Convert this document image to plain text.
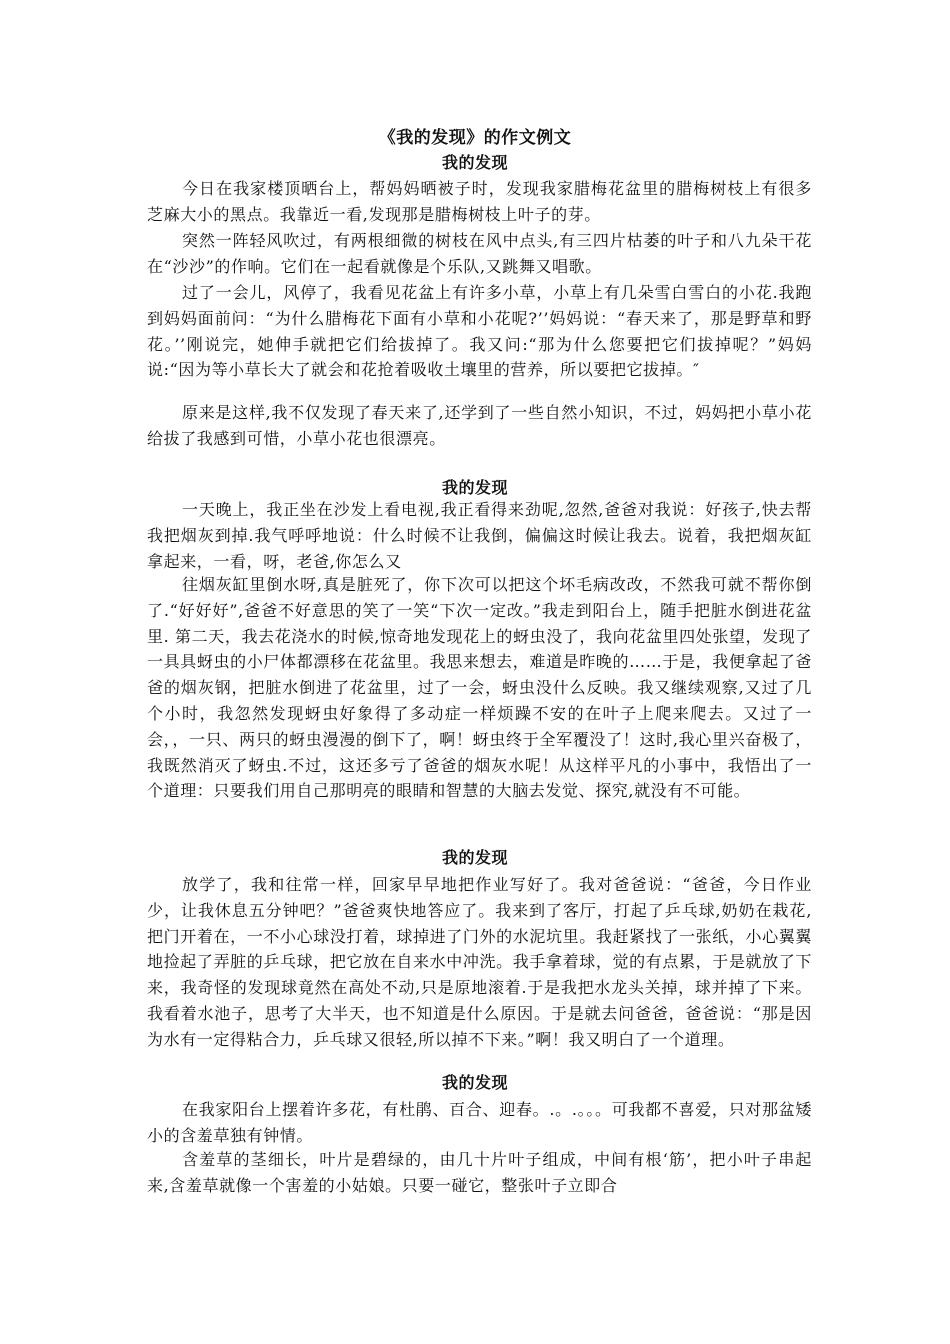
《我的发现》的作文例文
我的发现

今日在我家楼顶晒台上，帮妈妈晒被子时，发现我家腊梅花盆里的腊梅树枝上有很多芝麻大小的黑点。我靠近一看,发现那是腊梅树枝上叶子的芽。

突然一阵轻风吹过，有两根细微的树枝在风中点头,有三四片枯萎的叶子和八九朵干花在“沙沙”的作响。它们在一起看就像是个乐队,又跳舞又唱歌。

过了一会儿，风停了，我看见花盆上有许多小草，小草上有几朵雪白雪白的小花.我跑到妈妈面前问：“为什么腊梅花下面有小草和小花呢?’’妈妈说：“春天来了，那是野草和野花。’’刚说完，她伸手就把它们给拔掉了。我又问:“那为什么您要把它们拔掉呢？”妈妈说:“因为等小草长大了就会和花抢着吸收土壤里的营养，所以要把它拔掉。″

原来是这样,我不仅发现了春天来了,还学到了一些自然小知识，不过，妈妈把小草小花给拔了我感到可惜，小草小花也很漂亮。

我的发现

一天晚上，我正坐在沙发上看电视,我正看得来劲呢,忽然,爸爸对我说：好孩子,快去帮我把烟灰到掉.我气呼呼地说：什么时候不让我倒，偏偏这时候让我去。说着，我把烟灰缸拿起来，一看，呀，老爸,你怎么又

往烟灰缸里倒水呀,真是脏死了，你下次可以把这个坏毛病改改，不然我可就不帮你倒了.“好好好”,爸爸不好意思的笑了一笑“下次一定改。”我走到阳台上，随手把脏水倒进花盆里. 第二天，我去花浇水的时候,惊奇地发现花上的蚜虫没了，我向花盆里四处张望，发现了一具具蚜虫的小尸体都漂移在花盆里。我思来想去，难道是昨晚的……于是，我便拿起了爸爸的烟灰钢，把脏水倒进了花盆里，过了一会，蚜虫没什么反映。我又继续观察,又过了几个小时，我忽然发现蚜虫好象得了多动症一样烦躁不安的在叶子上爬来爬去。又过了一会，，一只、两只的蚜虫漫漫的倒下了，啊！蚜虫终于全军覆没了！这时,我心里兴奋极了，我既然消灭了蚜虫.不过，这还多亏了爸爸的烟灰水呢！从这样平凡的小事中，我悟出了一个道理：只要我们用自己那明亮的眼睛和智慧的大脑去发觉、探究,就没有不可能。

我的发现

放学了，我和往常一样，回家早早地把作业写好了。我对爸爸说：“爸爸，今日作业少，让我休息五分钟吧？”爸爸爽快地答应了。我来到了客厅，打起了乒乓球,奶奶在栽花,把门开着在，一不小心球没打着，球掉进了门外的水泥坑里。我赶紧找了一张纸，小心翼翼地捡起了弄脏的乒乓球，把它放在自来水中冲洗。我手拿着球，觉的有点累，于是就放了下来，我奇怪的发现球竟然在高处不动,只是原地滚着.于是我把水龙头关掉，球并掉了下来。我看着水池子，思考了大半天，也不知道是什么原因。于是就去问爸爸，爸爸说：“那是因为水有一定得粘合力，乒乓球又很轻,所以掉不下来。”啊！我又明白了一个道理。

我的发现

在我家阳台上摆着许多花，有杜鹃、百合、迎春。.。.。。。可我都不喜爱，只对那盆矮小的含羞草独有钟情。

含羞草的茎细长，叶片是碧绿的，由几十片叶子组成，中间有根‘筋’，把小叶子串起来,含羞草就像一个害羞的小姑娘。只要一碰它，整张叶子立即合
